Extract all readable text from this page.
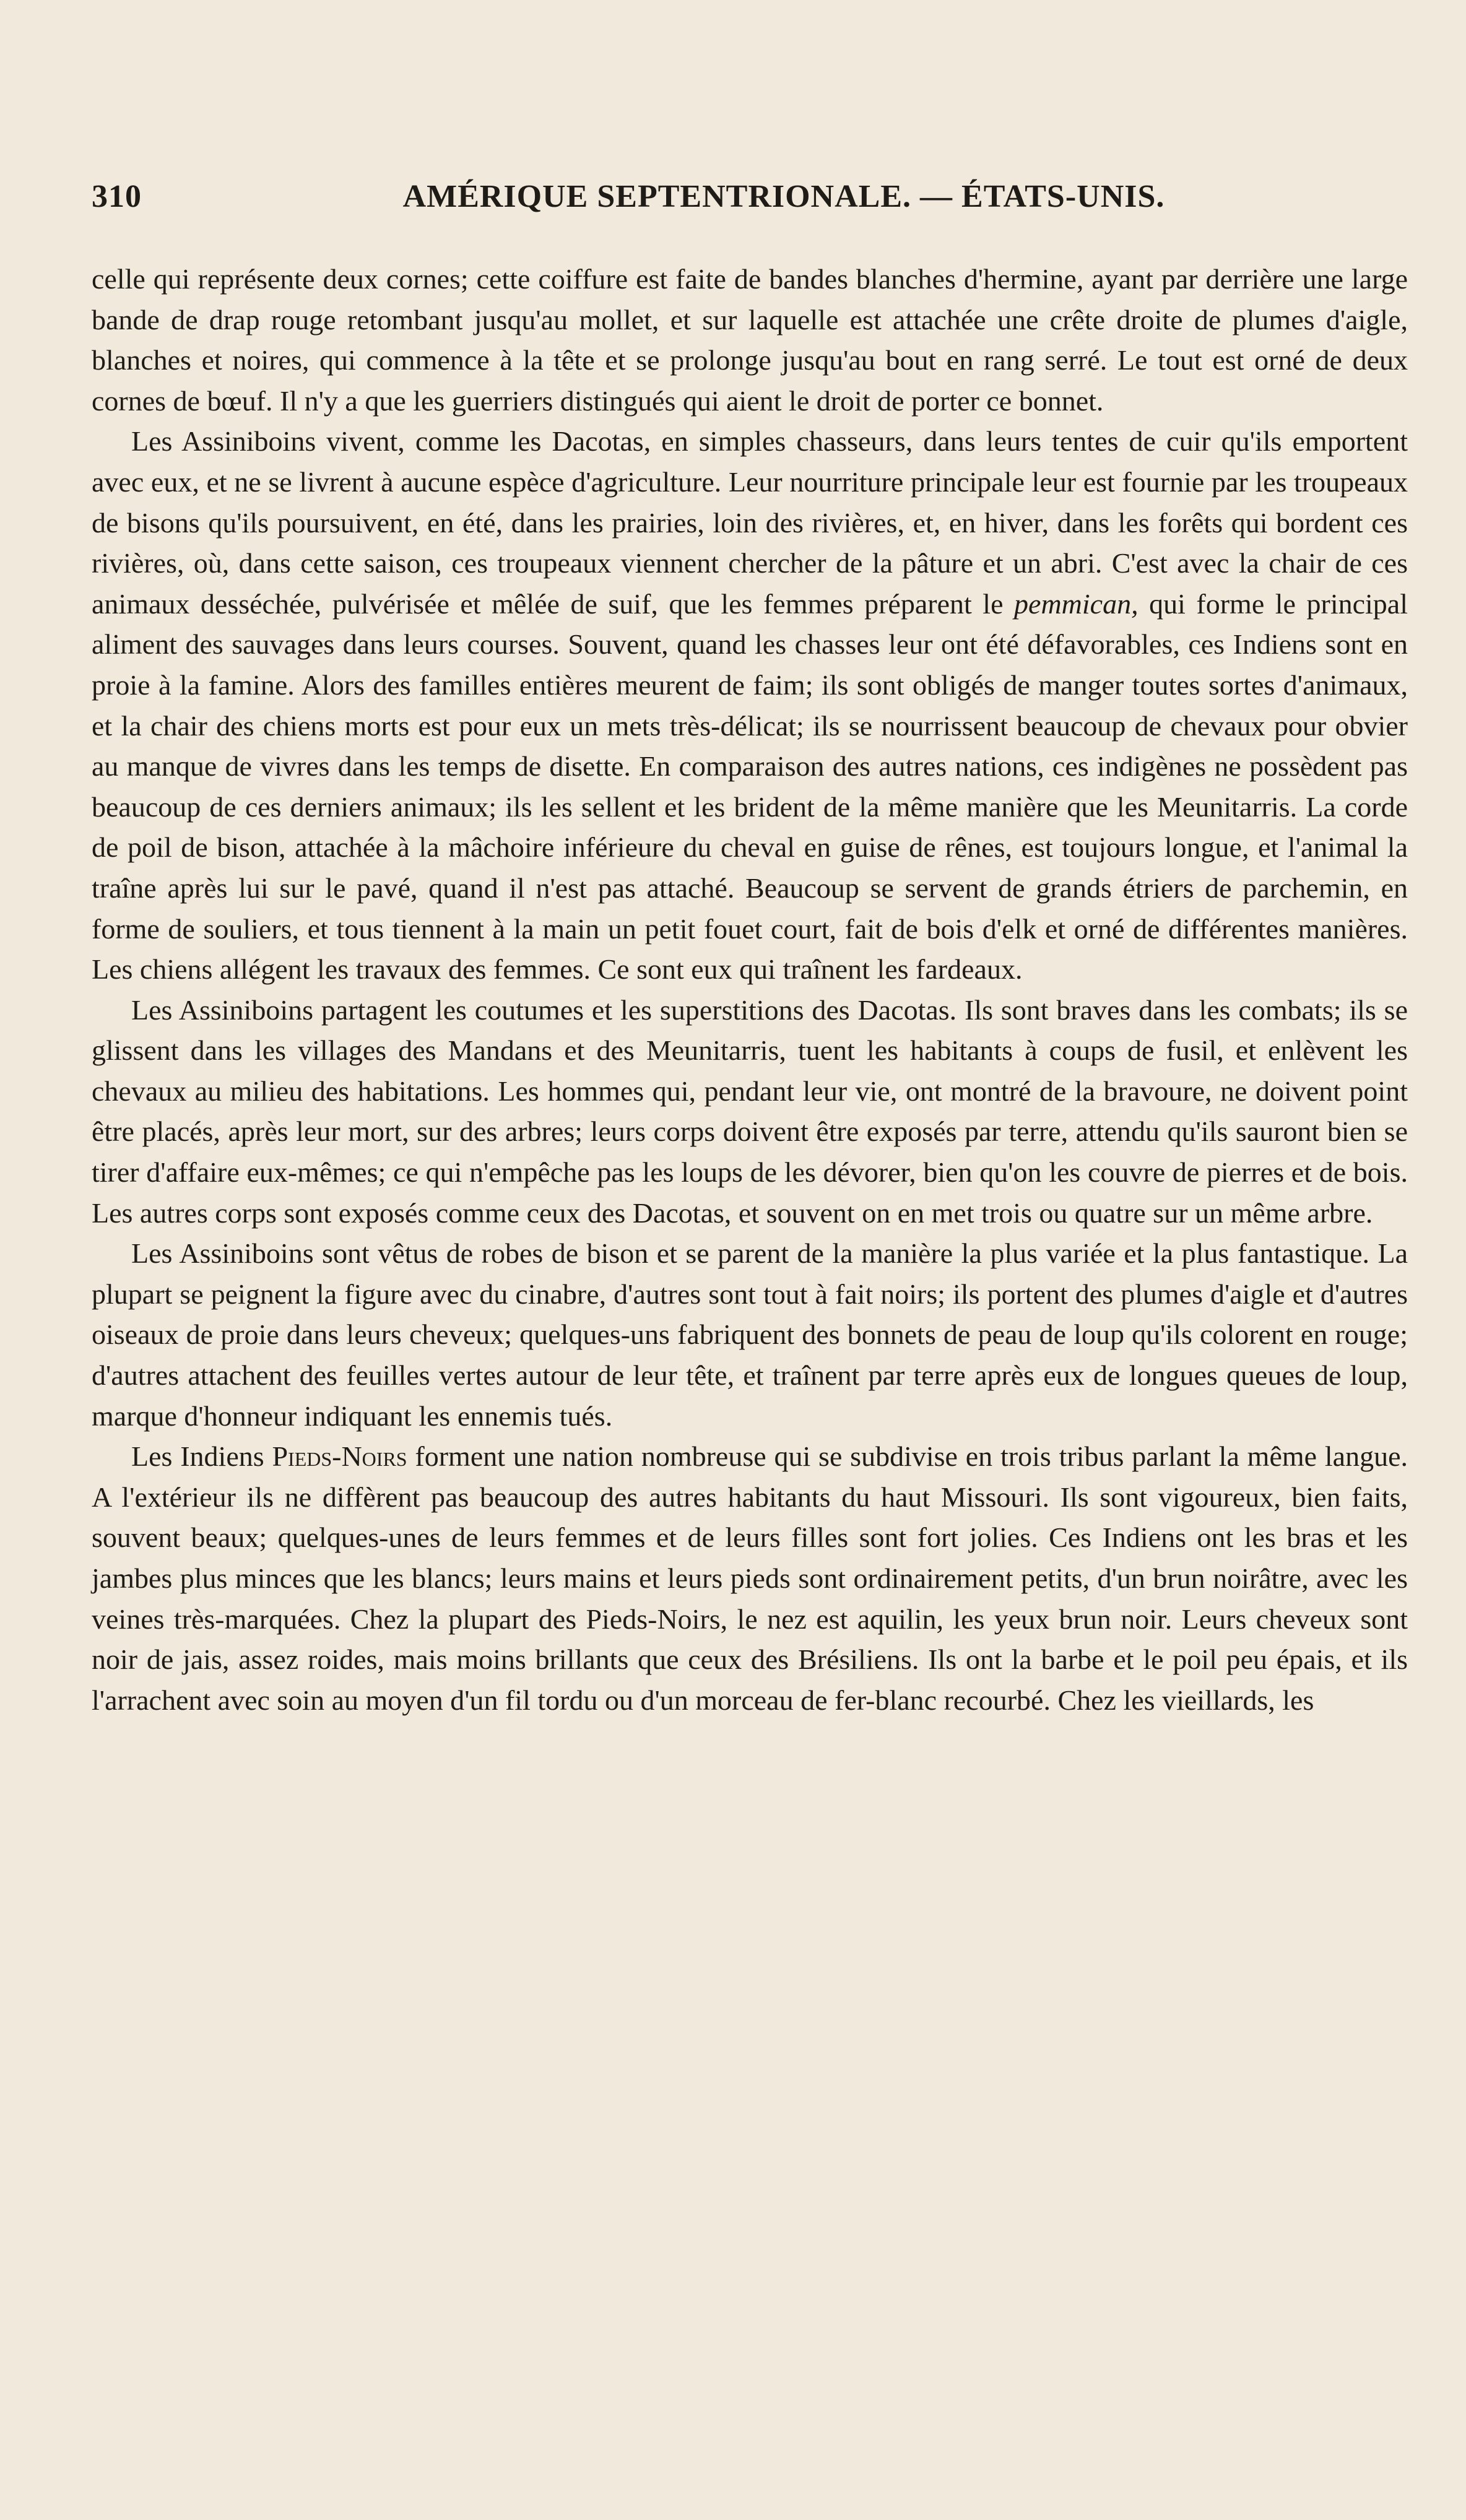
310	AMÉRIQUE SEPTENTRIONALE. — ÉTATS-UNIS.

celle qui représente deux cornes; cette coiffure est faite de bandes blanches d'hermine, ayant par derrière une large bande de drap rouge retombant jusqu'au mollet, et sur laquelle est attachée une crête droite de plumes d'aigle, blanches et noires, qui commence à la tête et se prolonge jusqu'au bout en rang serré. Le tout est orné de deux cornes de bœuf. Il n'y a que les guerriers distingués qui aient le droit de porter ce bonnet.

Les Assiniboins vivent, comme les Dacotas, en simples chasseurs, dans leurs tentes de cuir qu'ils emportent avec eux, et ne se livrent à aucune espèce d'agriculture. Leur nourriture principale leur est fournie par les troupeaux de bisons qu'ils poursuivent, en été, dans les prairies, loin des rivières, et, en hiver, dans les forêts qui bordent ces rivières, où, dans cette saison, ces troupeaux viennent chercher de la pâture et un abri. C'est avec la chair de ces animaux desséchée, pulvérisée et mêlée de suif, que les femmes préparent le pemmican, qui forme le principal aliment des sauvages dans leurs courses. Souvent, quand les chasses leur ont été défavorables, ces Indiens sont en proie à la famine. Alors des familles entières meurent de faim; ils sont obligés de manger toutes sortes d'animaux, et la chair des chiens morts est pour eux un mets très-délicat; ils se nourrissent beaucoup de chevaux pour obvier au manque de vivres dans les temps de disette. En comparaison des autres nations, ces indigènes ne possèdent pas beaucoup de ces derniers animaux; ils les sellent et les brident de la même manière que les Meunitarris. La corde de poil de bison, attachée à la mâchoire inférieure du cheval en guise de rênes, est toujours longue, et l'animal la traîne après lui sur le pavé, quand il n'est pas attaché. Beaucoup se servent de grands étriers de parchemin, en forme de souliers, et tous tiennent à la main un petit fouet court, fait de bois d'elk et orné de différentes manières. Les chiens allégent les travaux des femmes. Ce sont eux qui traînent les fardeaux.

Les Assiniboins partagent les coutumes et les superstitions des Dacotas. Ils sont braves dans les combats; ils se glissent dans les villages des Mandans et des Meunitarris, tuent les habitants à coups de fusil, et enlèvent les chevaux au milieu des habitations. Les hommes qui, pendant leur vie, ont montré de la bravoure, ne doivent point être placés, après leur mort, sur des arbres; leurs corps doivent être exposés par terre, attendu qu'ils sauront bien se tirer d'affaire eux-mêmes; ce qui n'empêche pas les loups de les dévorer, bien qu'on les couvre de pierres et de bois. Les autres corps sont exposés comme ceux des Dacotas, et souvent on en met trois ou quatre sur un même arbre.

Les Assiniboins sont vêtus de robes de bison et se parent de la manière la plus variée et la plus fantastique. La plupart se peignent la figure avec du cinabre, d'autres sont tout à fait noirs; ils portent des plumes d'aigle et d'autres oiseaux de proie dans leurs cheveux; quelques-uns fabriquent des bonnets de peau de loup qu'ils colorent en rouge; d'autres attachent des feuilles vertes autour de leur tête, et traînent par terre après eux de longues queues de loup, marque d'honneur indiquant les ennemis tués.

Les Indiens Pieds-Noirs forment une nation nombreuse qui se subdivise en trois tribus parlant la même langue. A l'extérieur ils ne diffèrent pas beaucoup des autres habitants du haut Missouri. Ils sont vigoureux, bien faits, souvent beaux; quelques-unes de leurs femmes et de leurs filles sont fort jolies. Ces Indiens ont les bras et les jambes plus minces que les blancs; leurs mains et leurs pieds sont ordinairement petits, d'un brun noirâtre, avec les veines très-marquées. Chez la plupart des Pieds-Noirs, le nez est aquilin, les yeux brun noir. Leurs cheveux sont noir de jais, assez roides, mais moins brillants que ceux des Brésiliens. Ils ont la barbe et le poil peu épais, et ils l'arrachent avec soin au moyen d'un fil tordu ou d'un morceau de fer-blanc recourbé. Chez les vieillards, les
